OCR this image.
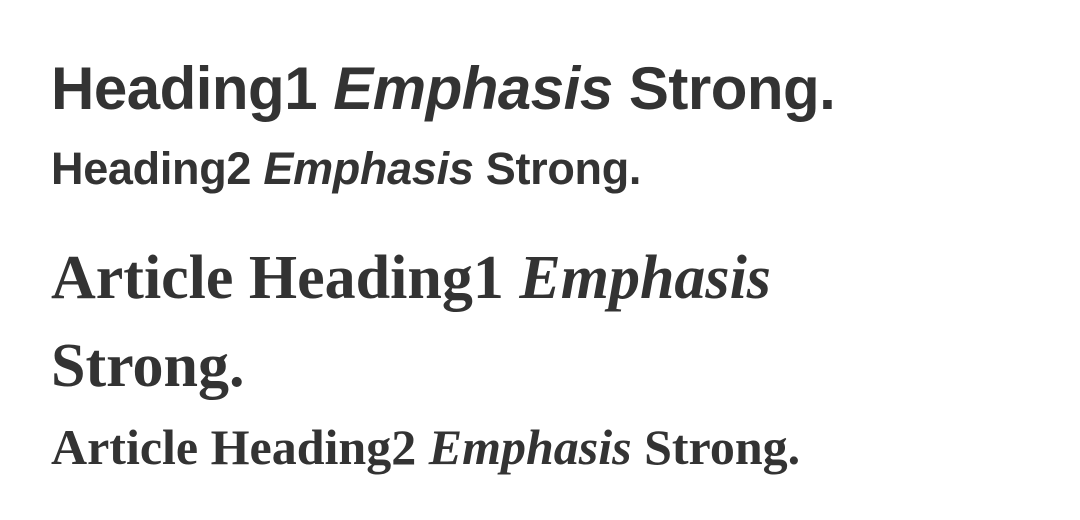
Heading1 Emphasis Strong.
Heading2 Emphasis Strong.
Article Heading1 Emphasis
Strong.
Article Heading2 Emphasis Strong.
